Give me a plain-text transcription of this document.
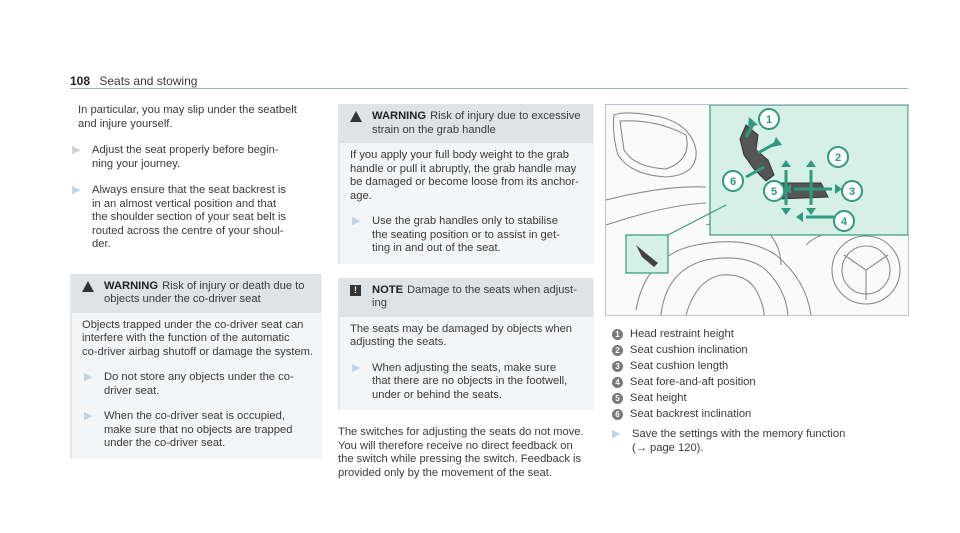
108 Seats and stowing
In particular, you may slip under the seatbelt
and injure yourself.
▶	Adjust the seat properly before begin-
ning your journey.
▶	Always ensure that the seat backrest is
in an almost vertical position and that
the shoulder section of your seat belt is
routed across the centre of your shoul-
der.
WARNING Risk of injury or death due to
objects under the co-driver seat
Objects trapped under the co-driver seat can
interfere with the function of the automatic
co-driver airbag shutoff or damage the system.
▶	Do not store any objects under the co-
driver seat.
▶	When the co-driver seat is occupied,
make sure that no objects are trapped
under the co-driver seat.
WARNING Risk of injury due to excessive
strain on the grab handle
If you apply your full body weight to the grab
handle or pull it abruptly, the grab handle may
be damaged or become loose from its anchor-
age.
▶	Use the grab handles only to stabilise
the seating position or to assist in get-
ting in and out of the seat.
!	NOTE Damage to the seats when adjust-
ing
The seats may be damaged by objects when
adjusting the seats.
▶	When adjusting the seats, make sure
that there are no objects in the footwell,
under or behind the seats.
The switches for adjusting the seats do not move.
You will therefore receive no direct feedback on
the switch while pressing the switch. Feedback is
provided only by the movement of the seat.
1
2
3
4
5
6
1 Head restraint height
2 Seat cushion inclination
3 Seat cushion length
4 Seat fore-and-aft position
5 Seat height
6 Seat backrest inclination
▶	Save the settings with the memory function
(→ page 120).
